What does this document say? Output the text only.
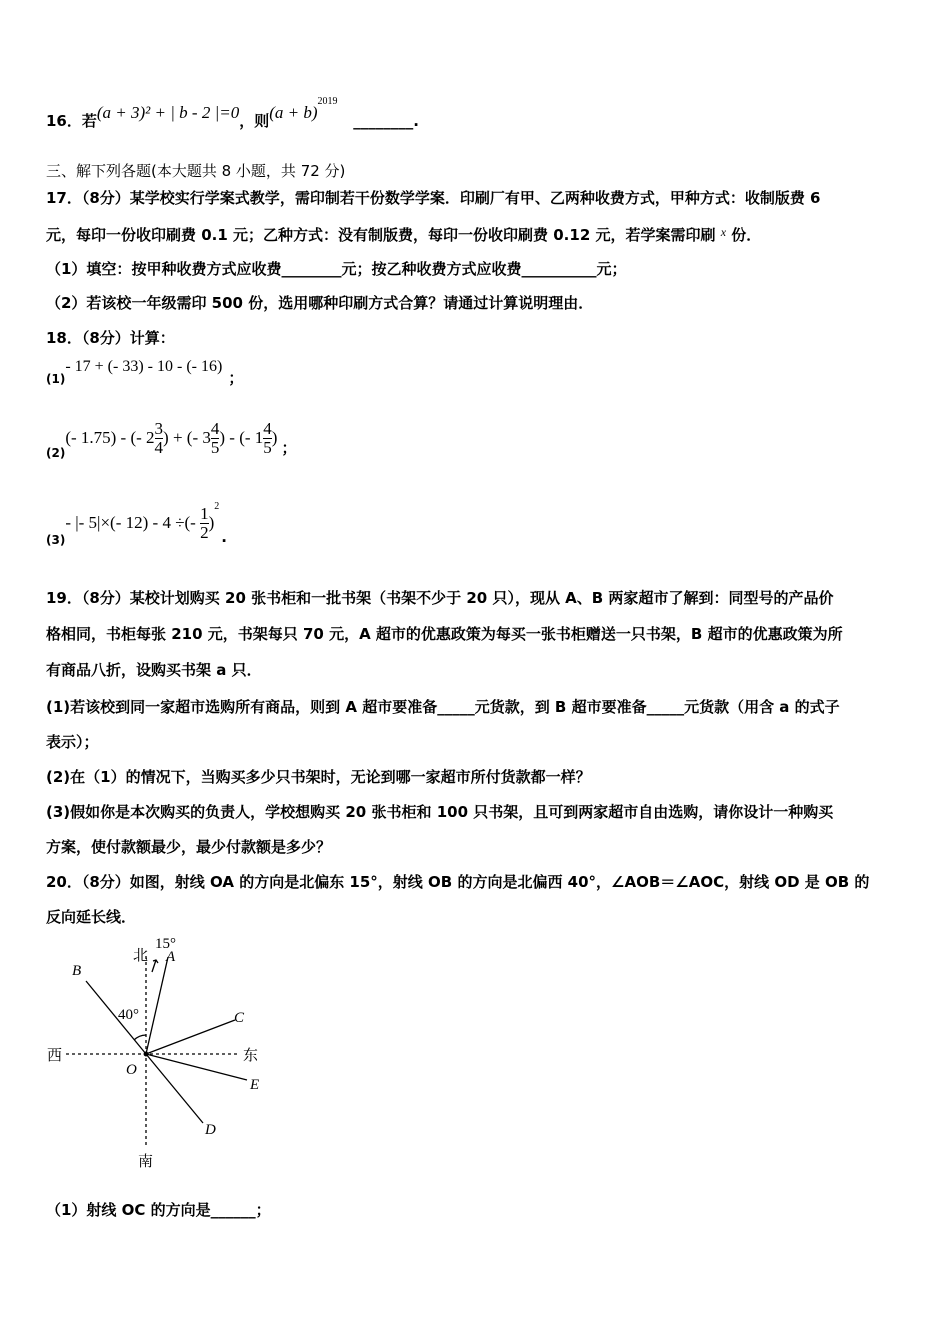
16．若(a + 3)² + | b - 2 |=0，则$(a + b)^{2019}$   ________.
三、解下列各题(本大题共 8 小题，共 72 分)
17．（8分）某学校实行学案式教学，需印制若干份数学学案．印刷厂有甲、乙两种收费方式，甲种方式：收制版费 6
元，每印一份收印刷费 0.1 元；乙种方式：没有制版费，每印一份收印刷费 0.12 元，若学案需印刷 $^x$ 份．
（1）填空：按甲种收费方式应收费________元；按乙种收费方式应收费__________元；
（2）若该校一年级需印 500 份，选用哪种印刷方式合算？请通过计算说明理由．
18．（8分）计算：
$_{(1)}$- 17 + (- 33) - 10 - (- 16)；
$_{(2)}$(- 1.75) - (- $2 \frac{3}{4}$ ) + (- $3 \frac{4}{5}$ ) - (- $1 \frac{4}{5}$ )；
$_{(3)}$- |- 5|×(- 12) - 4 ÷(- $\frac{1}{2} )^2$.
19．（8分）某校计划购买 20 张书柜和一批书架（书架不少于 20 只），现从 A、B 两家超市了解到：同型号的产品价
格相同，书柜每张 210 元，书架每只 70 元，A 超市的优惠政策为每买一张书柜赠送一只书架，B 超市的优惠政策为所
有商品八折，设购买书架 a 只．
(1)若该校到同一家超市选购所有商品，则到 A 超市要准备_____元货款，到 B 超市要准备_____元货款（用含 a 的式子
表示）；
(2)在（1）的情况下，当购买多少只书架时，无论到哪一家超市所付货款都一样？
(3)假如你是本次购买的负责人，学校想购买 20 张书柜和 100 只书架，且可到两家超市自由选购，请你设计一种购买
方案，使付款额最少，最少付款额是多少？
20．（8分）如图，射线 OA 的方向是北偏东 15°，射线 OB 的方向是北偏西 40°，∠AOB＝∠AOC，射线 OD 是 OB 的
反向延长线．
北
南
西	东
15°
40°
A
B
C
D
E
O
（1）射线 OC 的方向是______；
